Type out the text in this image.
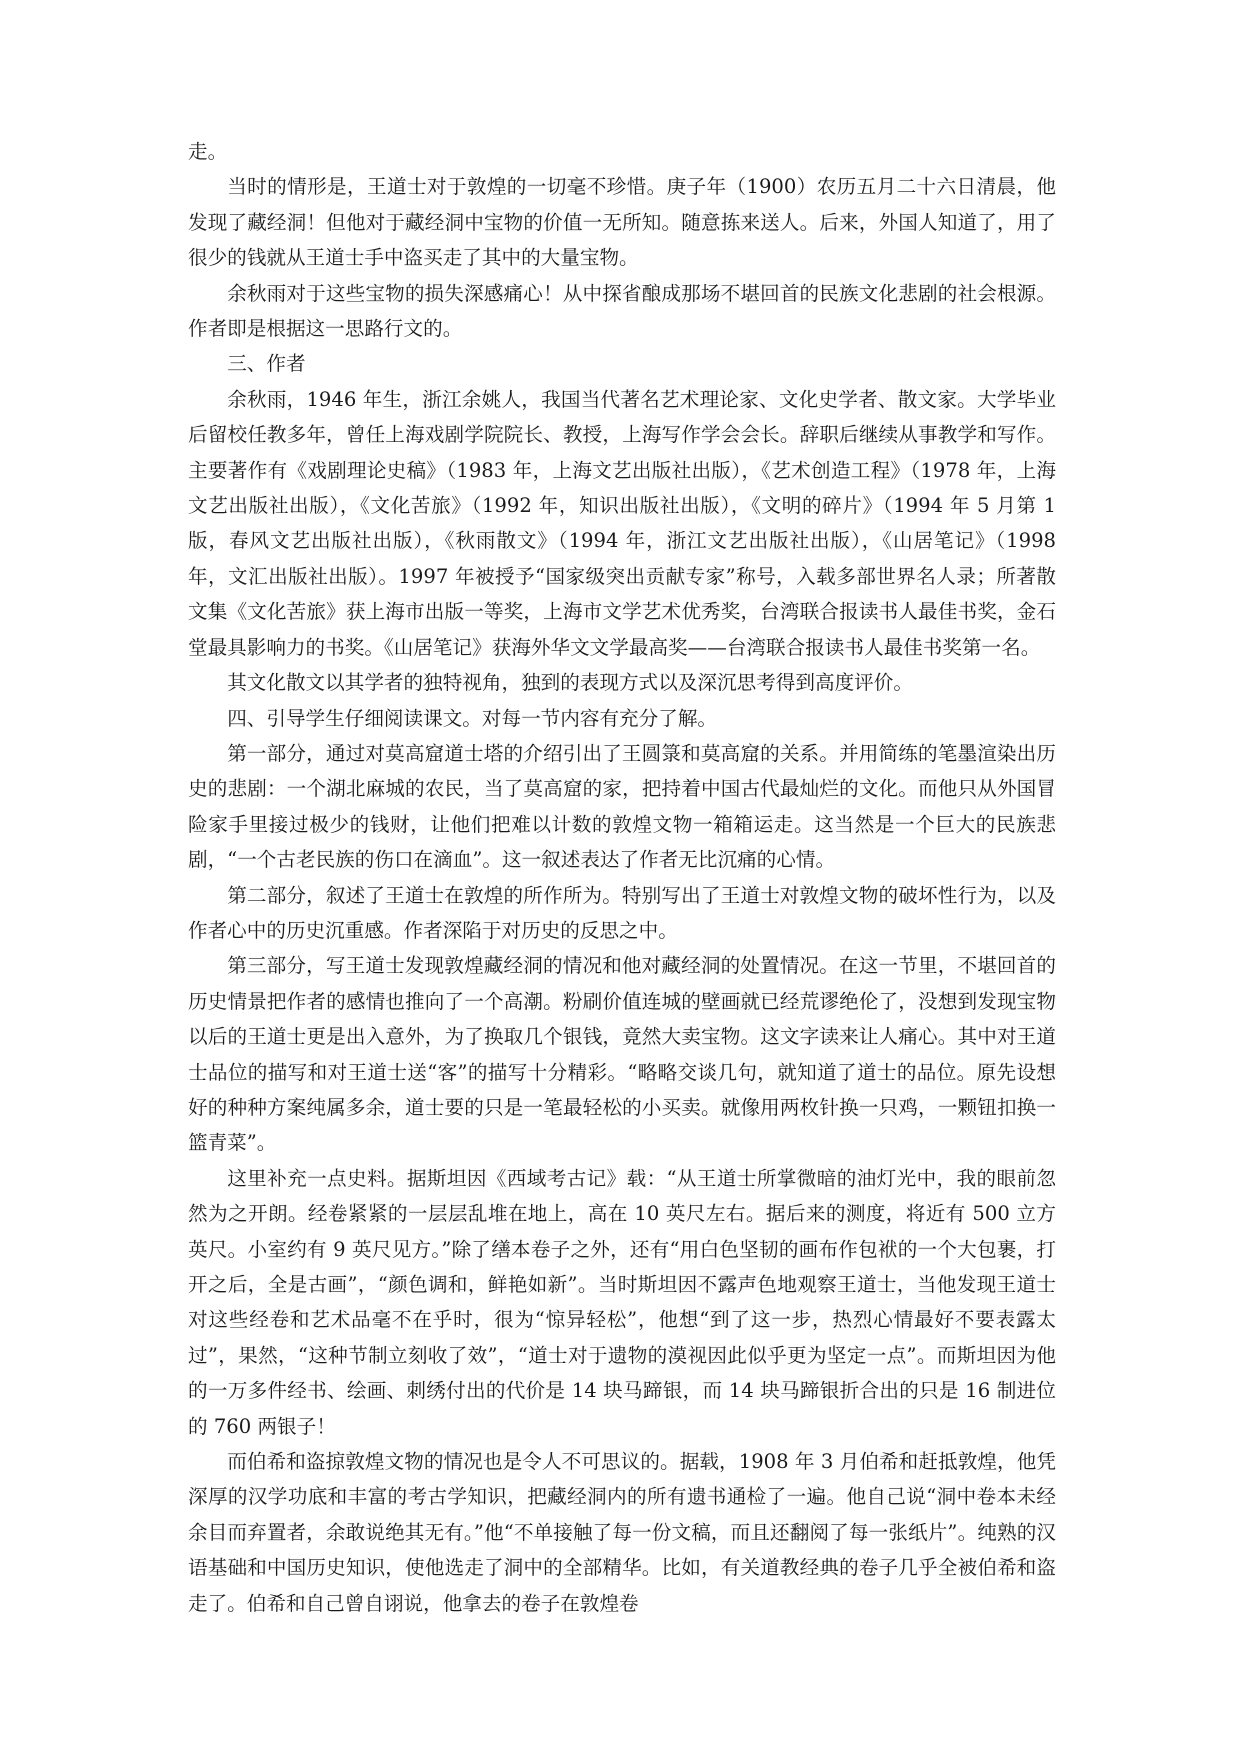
走。

当时的情形是，王道士对于敦煌的一切毫不珍惜。庚子年（1900）农历五月二十六日清晨，他发现了藏经洞！但他对于藏经洞中宝物的价值一无所知。随意拣来送人。后来，外国人知道了，用了很少的钱就从王道士手中盗买走了其中的大量宝物。

余秋雨对于这些宝物的损失深感痛心！从中探省酿成那场不堪回首的民族文化悲剧的社会根源。作者即是根据这一思路行文的。

三、作者

余秋雨，1946 年生，浙江余姚人，我国当代著名艺术理论家、文化史学者、散文家。大学毕业后留校任教多年，曾任上海戏剧学院院长、教授，上海写作学会会长。辞职后继续从事教学和写作。主要著作有《戏剧理论史稿》（1983 年，上海文艺出版社出版），《艺术创造工程》（1978 年，上海文艺出版社出版），《文化苦旅》（1992 年，知识出版社出版），《文明的碎片》（1994 年 5 月第 1 版，春风文艺出版社出版），《秋雨散文》（1994 年，浙江文艺出版社出版），《山居笔记》（1998 年，文汇出版社出版）。1997 年被授予“国家级突出贡献专家”称号，入载多部世界名人录；所著散文集《文化苦旅》获上海市出版一等奖，上海市文学艺术优秀奖，台湾联合报读书人最佳书奖，金石堂最具影响力的书奖。《山居笔记》获海外华文文学最高奖——台湾联合报读书人最佳书奖第一名。

其文化散文以其学者的独特视角，独到的表现方式以及深沉思考得到高度评价。

四、引导学生仔细阅读课文。对每一节内容有充分了解。

第一部分，通过对莫高窟道士塔的介绍引出了王圆箓和莫高窟的关系。并用简练的笔墨渲染出历史的悲剧：一个湖北麻城的农民，当了莫高窟的家，把持着中国古代最灿烂的文化。而他只从外国冒险家手里接过极少的钱财，让他们把难以计数的敦煌文物一箱箱运走。这当然是一个巨大的民族悲剧，“一个古老民族的伤口在滴血”。这一叙述表达了作者无比沉痛的心情。

第二部分，叙述了王道士在敦煌的所作所为。特别写出了王道士对敦煌文物的破坏性行为，以及作者心中的历史沉重感。作者深陷于对历史的反思之中。

第三部分，写王道士发现敦煌藏经洞的情况和他对藏经洞的处置情况。在这一节里，不堪回首的历史情景把作者的感情也推向了一个高潮。粉刷价值连城的壁画就已经荒谬绝伦了，没想到发现宝物以后的王道士更是出入意外，为了换取几个银钱，竟然大卖宝物。这文字读来让人痛心。其中对王道士品位的描写和对王道士送“客”的描写十分精彩。“略略交谈几句，就知道了道士的品位。原先设想好的种种方案纯属多余，道士要的只是一笔最轻松的小买卖。就像用两枚针换一只鸡，一颗钮扣换一篮青菜”。

这里补充一点史料。据斯坦因《西域考古记》载：“从王道士所掌微暗的油灯光中，我的眼前忽然为之开朗。经卷紧紧的一层层乱堆在地上，高在 10 英尺左右。据后来的测度，将近有 500 立方英尺。小室约有 9 英尺见方。”除了缮本卷子之外，还有“用白色坚韧的画布作包袱的一个大包裹，打开之后，全是古画”，“颜色调和，鲜艳如新”。当时斯坦因不露声色地观察王道士，当他发现王道士对这些经卷和艺术品毫不在乎时，很为“惊异轻松”，他想“到了这一步，热烈心情最好不要表露太过”，果然，“这种节制立刻收了效”，“道士对于遗物的漠视因此似乎更为坚定一点”。而斯坦因为他的一万多件经书、绘画、刺绣付出的代价是 14 块马蹄银，而 14 块马蹄银折合出的只是 16 制进位的 760 两银子！

而伯希和盗掠敦煌文物的情况也是令人不可思议的。据载，1908 年 3 月伯希和赶抵敦煌，他凭深厚的汉学功底和丰富的考古学知识，把藏经洞内的所有遗书通检了一遍。他自己说“洞中卷本未经余目而弃置者，余敢说绝其无有。”他“不单接触了每一份文稿，而且还翻阅了每一张纸片”。纯熟的汉语基础和中国历史知识，使他选走了洞中的全部精华。比如，有关道教经典的卷子几乎全被伯希和盗走了。伯希和自己曾自诩说，他拿去的卷子在敦煌卷
